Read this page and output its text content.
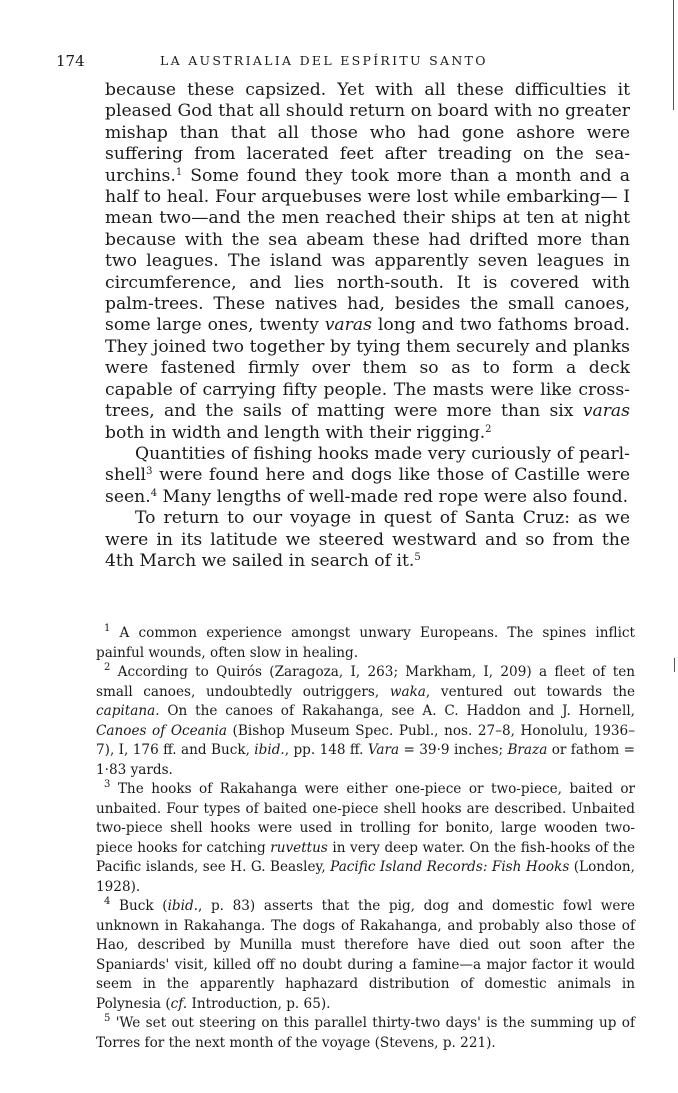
174	LA AUSTRIALIA DEL ESPÍRITU SANTO

because these capsized. Yet with all these difficulties it pleased God that all should return on board with no greater mishap than that all those who had gone ashore were suffering from lacerated feet after treading on the sea-urchins.$^1$ Some found they took more than a month and a half to heal. Four arquebuses were lost while embarking— I mean two—and the men reached their ships at ten at night because with the sea abeam these had drifted more than two leagues. The island was apparently seven leagues in circumference, and lies north-south. It is covered with palm-trees. These natives had, besides the small canoes, some large ones, twenty varas long and two fathoms broad. They joined two together by tying them securely and planks were fastened firmly over them so as to form a deck capable of carrying fifty people. The masts were like cross-trees, and the sails of matting were more than six varas both in width and length with their rigging.$^2$

Quantities of fishing hooks made very curiously of pearl-shell$^3$ were found here and dogs like those of Castille were seen.$^4$ Many lengths of well-made red rope were also found.

To return to our voyage in quest of Santa Cruz: as we were in its latitude we steered westward and so from the 4th March we sailed in search of it.$^5$

$^1$ A common experience amongst unwary Europeans. The spines inflict painful wounds, often slow in healing.

$^2$ According to Quirós (Zaragoza, I, 263; Markham, I, 209) a fleet of ten small canoes, undoubtedly outriggers, waka, ventured out towards the capitana. On the canoes of Rakahanga, see A. C. Haddon and J. Hornell, Canoes of Oceania (Bishop Museum Spec. Publ., nos. 27–8, Honolulu, 1936–7), I, 176 ff. and Buck, ibid., pp. 148 ff. Vara = 39·9 inches; Braza or fathom = 1·83 yards.

$^3$ The hooks of Rakahanga were either one-piece or two-piece, baited or unbaited. Four types of baited one-piece shell hooks are described. Unbaited two-piece shell hooks were used in trolling for bonito, large wooden two-piece hooks for catching ruvettus in very deep water. On the fish-hooks of the Pacific islands, see H. G. Beasley, Pacific Island Records: Fish Hooks (London, 1928).

$^4$ Buck (ibid., p. 83) asserts that the pig, dog and domestic fowl were unknown in Rakahanga. The dogs of Rakahanga, and probably also those of Hao, described by Munilla must therefore have died out soon after the Spaniards' visit, killed off no doubt during a famine—a major factor it would seem in the apparently haphazard distribution of domestic animals in Polynesia (cf. Introduction, p. 65).

$^5$ 'We set out steering on this parallel thirty-two days' is the summing up of Torres for the next month of the voyage (Stevens, p. 221).
